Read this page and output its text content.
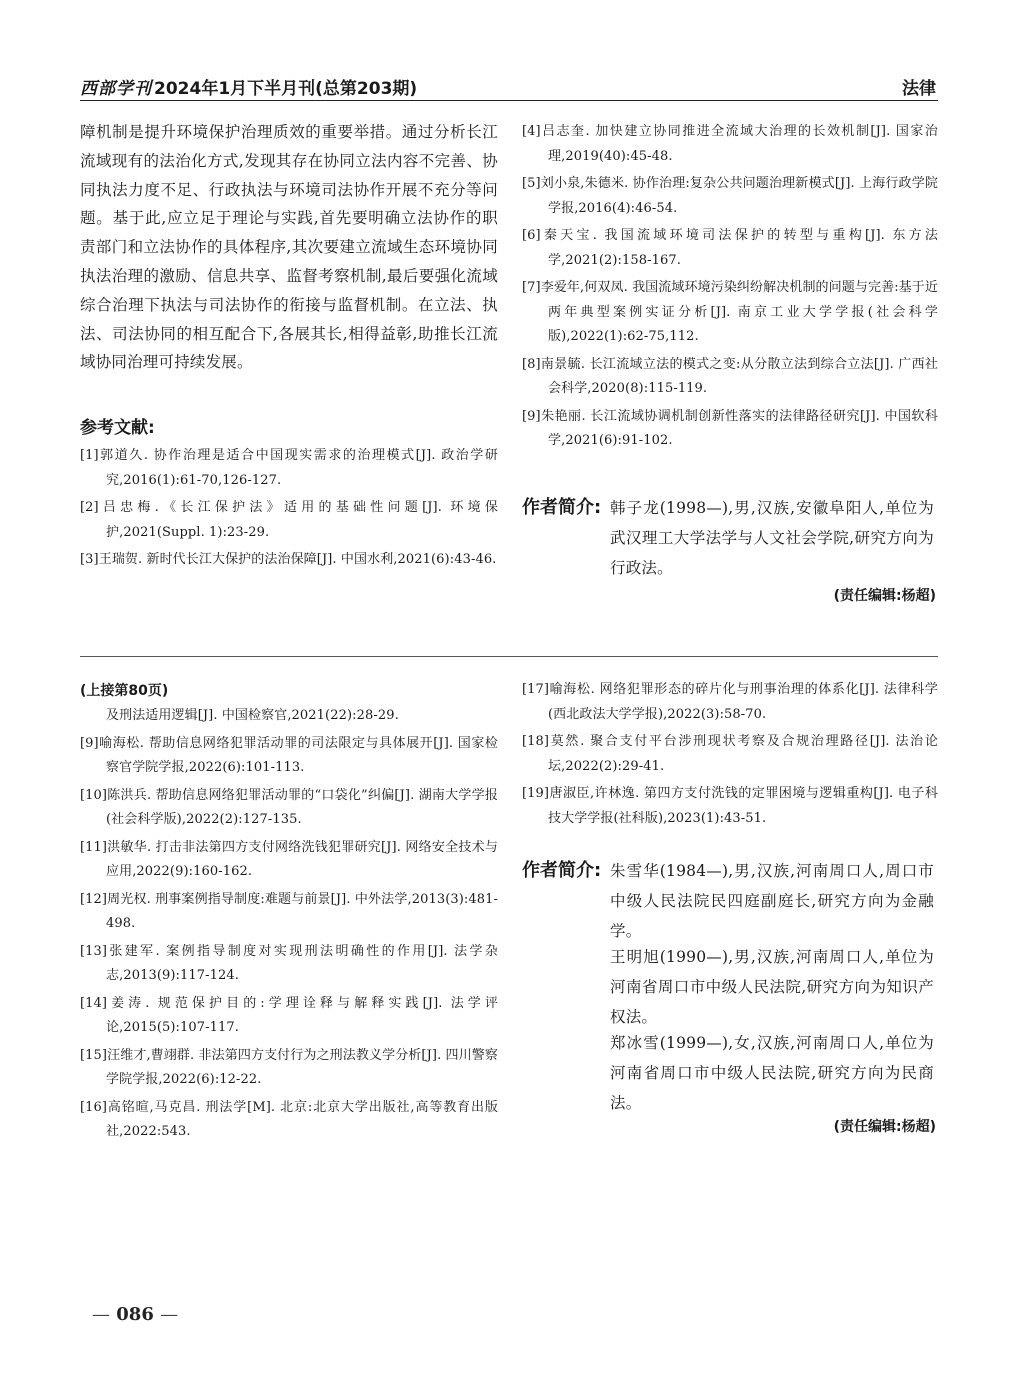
西部学刊 2024年1月下半月刊(总第203期)	法律

障机制是提升环境保护治理质效的重要举措。通过分析长江流域现有的法治化方式,发现其存在协同立法内容不完善、协同执法力度不足、行政执法与环境司法协作开展不充分等问题。基于此,应立足于理论与实践,首先要明确立法协作的职责部门和立法协作的具体程序,其次要建立流域生态环境协同执法治理的激励、信息共享、监督考察机制,最后要强化流域综合治理下执法与司法协作的衔接与监督机制。在立法、执法、司法协同的相互配合下,各展其长,相得益彰,助推长江流域协同治理可持续发展。

参考文献:

[1]郭道久. 协作治理是适合中国现实需求的治理模式[J]. 政治学研究,2016(1):61-70,126-127.

[2]吕忠梅.《长江保护法》适用的基础性问题[J]. 环境保护,2021(Suppl. 1):23-29.

[3]王瑞贺. 新时代长江大保护的法治保障[J]. 中国水利,2021(6):43-46.

[4]吕志奎. 加快建立协同推进全流域大治理的长效机制[J]. 国家治理,2019(40):45-48.

[5]刘小泉,朱德米. 协作治理:复杂公共问题治理新模式[J]. 上海行政学院学报,2016(4):46-54.

[6]秦天宝. 我国流域环境司法保护的转型与重构[J]. 东方法学,2021(2):158-167.

[7]李爱年,何双凤. 我国流域环境污染纠纷解决机制的问题与完善:基于近两年典型案例实证分析[J]. 南京工业大学学报(社会科学版),2022(1):62-75,112.

[8]南景毓. 长江流域立法的模式之变:从分散立法到综合立法[J]. 广西社会科学,2020(8):115-119.

[9]朱艳丽. 长江流域协调机制创新性落实的法律路径研究[J]. 中国软科学,2021(6):91-102.

作者简介: 韩子龙(1998—),男,汉族,安徽阜阳人,单位为武汉理工大学法学与人文社会学院,研究方向为行政法。

(责任编辑:杨超)

(上接第80页)

及刑法适用逻辑[J]. 中国检察官,2021(22):28-29.

[9]喻海松. 帮助信息网络犯罪活动罪的司法限定与具体展开[J]. 国家检察官学院学报,2022(6):101-113.

[10]陈洪兵. 帮助信息网络犯罪活动罪的“口袋化”纠偏[J]. 湖南大学学报(社会科学版),2022(2):127-135.

[11]洪敏华. 打击非法第四方支付网络洗钱犯罪研究[J]. 网络安全技术与应用,2022(9):160-162.

[12]周光权. 刑事案例指导制度:难题与前景[J]. 中外法学,2013(3):481-498.

[13]张建军. 案例指导制度对实现刑法明确性的作用[J]. 法学杂志,2013(9):117-124.

[14]姜涛. 规范保护目的:学理诠释与解释实践[J]. 法学评论,2015(5):107-117.

[15]汪维才,曹翊群. 非法第四方支付行为之刑法教义学分析[J]. 四川警察学院学报,2022(6):12-22.

[16]高铭暄,马克昌. 刑法学[M]. 北京:北京大学出版社,高等教育出版社,2022:543.

[17]喻海松. 网络犯罪形态的碎片化与刑事治理的体系化[J]. 法律科学(西北政法大学学报),2022(3):58-70.

[18]莫然. 聚合支付平台涉刑现状考察及合规治理路径[J]. 法治论坛,2022(2):29-41.

[19]唐淑臣,许林逸. 第四方支付洗钱的定罪困境与逻辑重构[J]. 电子科技大学学报(社科版),2023(1):43-51.

作者简介: 朱雪华(1984—),男,汉族,河南周口人,周口市中级人民法院民四庭副庭长,研究方向为金融学。

王明旭(1990—),男,汉族,河南周口人,单位为河南省周口市中级人民法院,研究方向为知识产权法。

郑冰雪(1999—),女,汉族,河南周口人,单位为河南省周口市中级人民法院,研究方向为民商法。

(责任编辑:杨超)
— 086 —
